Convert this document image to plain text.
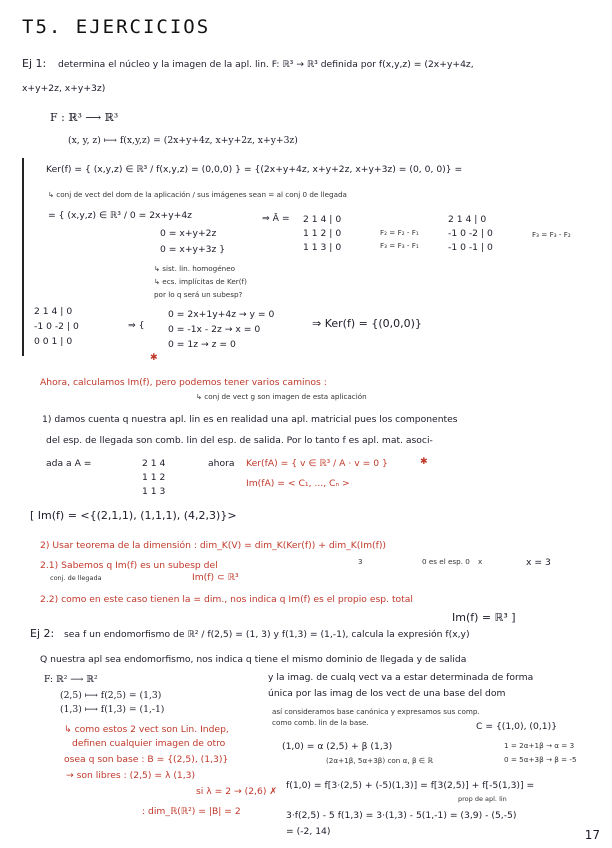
T5. EJERCICIOS
Ej 1: determina el núcleo y la imagen de la apl. lin. F: ℝ³ → ℝ³ definida por f(x,y,z) = (2x+y+4z,
x+y+2z, x+y+3z)
F : ℝ³ ⟶ ℝ³
(x, y, z) ⟼ f(x,y,z) = (2x+y+4z, x+y+2z, x+y+3z)
Ker(f) = { (x,y,z) ∈ ℝ³ / f(x,y,z) = (0,0,0) } = {(2x+y+4z, x+y+2z, x+y+3z) = (0, 0, 0)} =
↳ conj de vect del dom de la aplicación / sus imágenes sean = al conj 0 de llegada
= { (x,y,z) ∈ ℝ³ / 0 = 2x+y+4z
0 = x+y+2z
0 = x+y+3z }
⇒ Ā = 2 1 4 | 0
1 1 2 | 0
1 1 3 | 0
F₂ = F₂ - F₁
F₃ = F₃ - F₁
2 1 4 | 0
-1 0 -2 | 0
-1 0 -1 | 0
F₃ = F₃ - F₂
↳ sist. lin. homogéneo
↳ ecs. implícitas de Ker(f)
por lo q será un subesp?
2 1 4 | 0
-1 0 -2 | 0
0 0 1 | 0
⇒ {
0 = 2x+1y+4z → y = 0
0 = -1x - 2z → x = 0
0 = 1z → z = 0
✱
⇒ Ker(f) = {(0,0,0)}
Ahora, calculamos Im(f), pero podemos tener varios caminos :
↳ conj de vect g son imagen de esta aplicación
1) damos cuenta q nuestra apl. lin es en realidad una apl. matricial pues los componentes
del esp. de llegada son comb. lin del esp. de salida. Por lo tanto f es apl. mat. asoci-
ada a A =	2 1 4
1 1 2
1 1 3
ahora Ker(fA) = { v ∈ ℝ³ / A · v = 0 }	✱
Im(fA) = < C₁, ..., Cₙ >
[ Im(f) = <{(2,1,1), (1,1,1), (4,2,3)}>
2) Usar teorema de la dimensión : dim_K(V) = dim_K(Ker(f)) + dim_K(Im(f))
3	0 es el esp. 0 x	x = 3
2.1) Sabemos q Im(f) es un subesp del
conj. de llegada	Im(f) ⊂ ℝ³
2.2) como en este caso tienen la = dim., nos indica q Im(f) es el propio esp. total
Im(f) = ℝ³ ]
Ej 2: sea f un endomorfismo de ℝ² / f(2,5) = (1, 3) y f(1,3) = (1,-1), calcula la expresión f(x,y)
Q nuestra apl sea endomorfismo, nos indica q tiene el mismo dominio de llegada y de salida
F: ℝ² ⟶ ℝ²
(2,5) ⟼ f(2,5) = (1,3)
(1,3) ⟼ f(1,3) = (1,-1)
y la imag. de cualq vect va a estar determinada de forma
única por las imag de los vect de una base del dom
así consideramos base canónica y expresamos sus comp.
como comb. lin de la base.	C = {(1,0), (0,1)}
↳ como estos 2 vect son Lin. Indep,
definen cualquier imagen de otro
osea q son base : B = {(2,5), (1,3)}
→ son libres : (2,5) = λ (1,3)
si λ = 2 → (2,6) ✗
: dim_ℝ(ℝ²) = |B| = 2
(1,0) = α (2,5) + β (1,3)
(2α+1β, 5α+3β) con α, β ∈ ℝ
1 = 2α+1β → α = 3
0 = 5α+3β → β = -5
f(1,0) = f[3·(2,5) + (-5)(1,3)] = f[3(2,5)] + f[-5(1,3)] =
prop de apl. lin
3·f(2,5) - 5 f(1,3) = 3·(1,3) - 5(1,-1) = (3,9) - (5,-5)
= (-2, 14)	17
